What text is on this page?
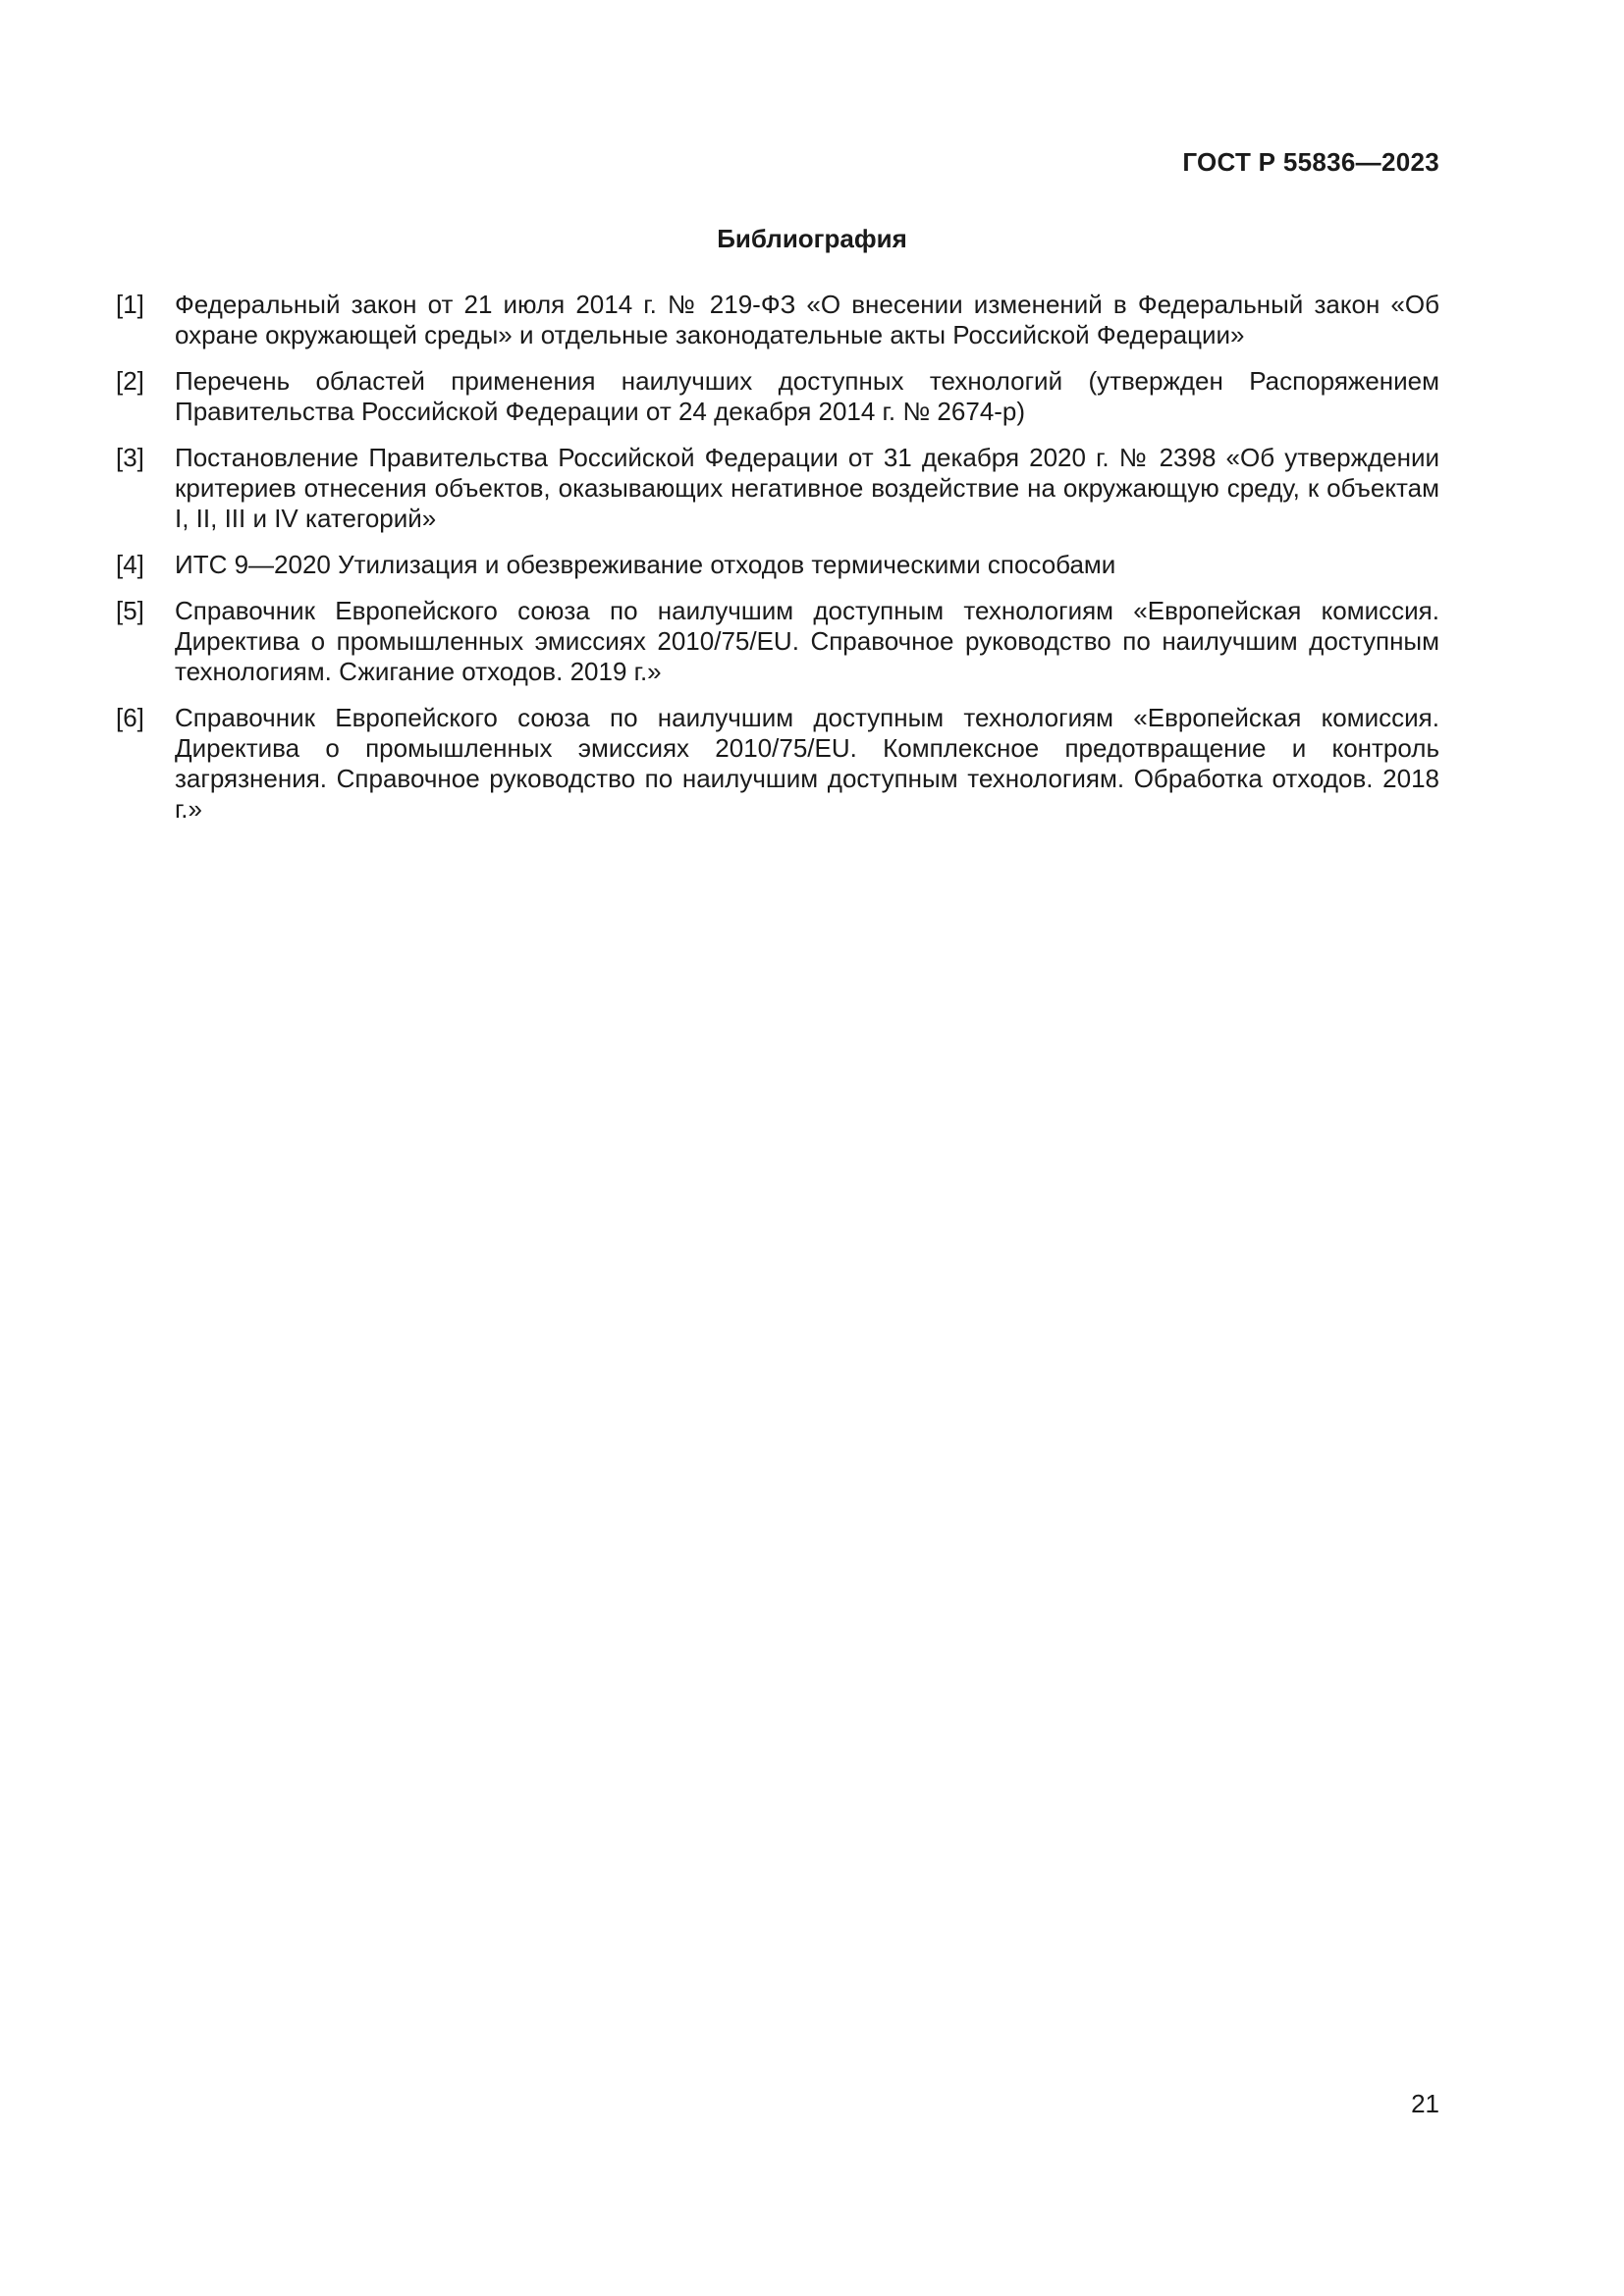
ГОСТ Р 55836—2023
Библиография
[1]	Федеральный закон от 21 июля 2014 г. № 219-ФЗ «О внесении изменений в Федеральный закон «Об охране окружающей среды» и отдельные законодательные акты Российской Федерации»
[2]	Перечень областей применения наилучших доступных технологий (утвержден Распоряжением Правительства Российской Федерации от 24 декабря 2014 г. № 2674-р)
[3]	Постановление Правительства Российской Федерации от 31 декабря 2020 г. № 2398 «Об утверждении критериев отнесения объектов, оказывающих негативное воздействие на окружающую среду, к объектам I, II, III и IV категорий»
[4]	ИТС 9—2020 Утилизация и обезвреживание отходов термическими способами
[5]	Справочник Европейского союза по наилучшим доступным технологиям «Европейская комиссия. Директива о промышленных эмиссиях 2010/75/EU. Справочное руководство по наилучшим доступным технологиям. Сжигание отходов. 2019 г.»
[6]	Справочник Европейского союза по наилучшим доступным технологиям «Европейская комиссия. Директива о промышленных эмиссиях 2010/75/EU. Комплексное предотвращение и контроль загрязнения. Справочное руководство по наилучшим доступным технологиям. Обработка отходов. 2018 г.»
21
